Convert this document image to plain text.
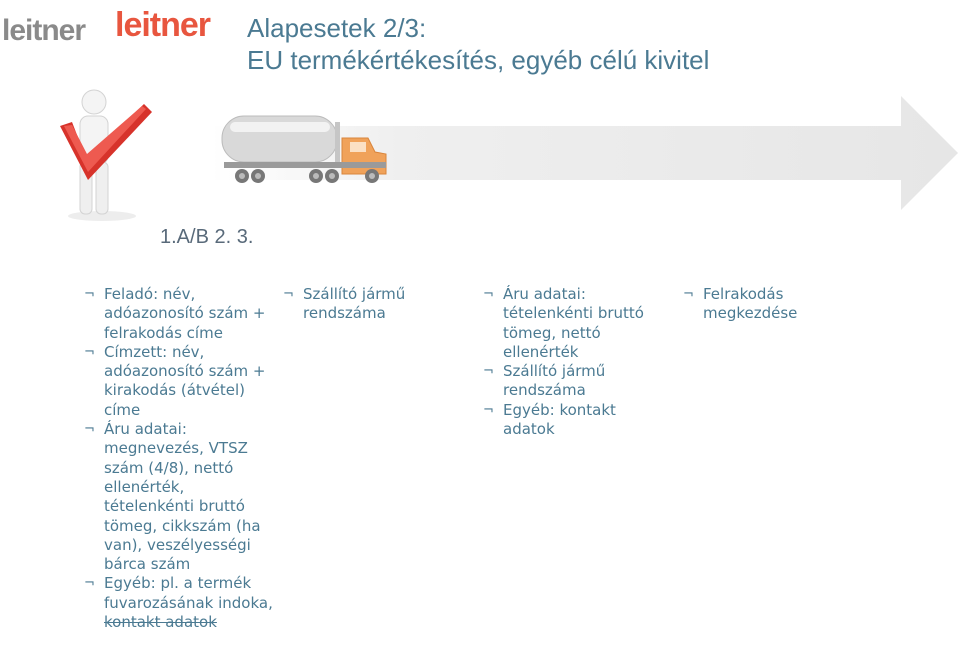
leitner leitner Alapesetek 2/3:
EU termékértékesítés, egyéb célú kivitel
1.A/B 2. 3.
¬ Feladó: név, adóazonosító szám + felrakodás címe
¬ Címzett: név, adóazonosító szám + kirakodás (átvétel) címe
¬ Áru adatai: megnevezés, VTSZ szám (4/8), nettó ellenérték, tételenkénti bruttó tömeg, cikkszám (ha van), veszélyességi bárca szám
¬ Egyéb: pl. a termék fuvarozásának indoka, kontakt adatok
¬ Szállító jármű rendszáma
¬ Áru adatai: tételenkénti bruttó tömeg, nettó ellenérték
¬ Szállító jármű rendszáma
¬ Egyéb: kontakt adatok
¬ Felrakodás megkezdése
